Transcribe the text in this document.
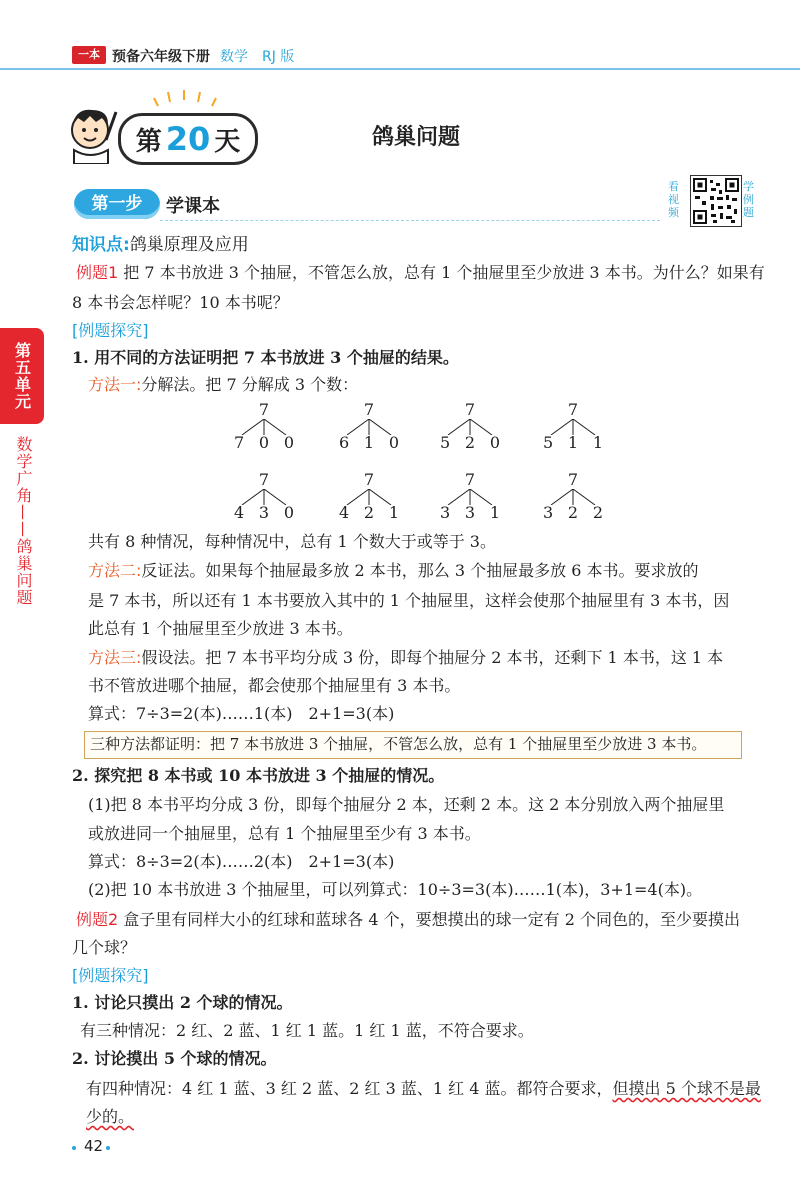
一本 预备六年级下册 数学 RJ 版
第 20 天	鸽巢问题
第一步	学课本
看视频
学例题
第五单元
数学广角——鸽巢问题
知识点:鸽巢原理及应用
例题1 把 7 本书放进 3 个抽屉，不管怎么放，总有 1 个抽屉里至少放进 3 本书。为什么？如果有
8 本书会怎样呢？10 本书呢？
[例题探究]
1. 用不同的方法证明把 7 本书放进 3 个抽屉的结果。
方法一:分解法。把 7 分解成 3 个数：
7
7 0 0
7
6 1 0
7
5 2 0
7
5 1 1
7
4 3 0
7
4 2 1
7
3 3 1
7
3 2 2
共有 8 种情况，每种情况中，总有 1 个数大于或等于 3。
方法二:反证法。如果每个抽屉最多放 2 本书，那么 3 个抽屉最多放 6 本书。要求放的
是 7 本书，所以还有 1 本书要放入其中的 1 个抽屉里，这样会使那个抽屉里有 3 本书，因
此总有 1 个抽屉里至少放进 3 本书。
方法三:假设法。把 7 本书平均分成 3 份，即每个抽屉分 2 本书，还剩下 1 本书，这 1 本
书不管放进哪个抽屉，都会使那个抽屉里有 3 本书。
算式：7÷3=2(本)……1(本)　2+1=3(本)
三种方法都证明：把 7 本书放进 3 个抽屉，不管怎么放，总有 1 个抽屉里至少放进 3 本书。
2. 探究把 8 本书或 10 本书放进 3 个抽屉的情况。
(1)把 8 本书平均分成 3 份，即每个抽屉分 2 本，还剩 2 本。这 2 本分别放入两个抽屉里
或放进同一个抽屉里，总有 1 个抽屉里至少有 3 本书。
算式：8÷3=2(本)……2(本)　2+1=3(本)
(2)把 10 本书放进 3 个抽屉里，可以列算式：10÷3=3(本)……1(本)，3+1=4(本)。
例题2 盒子里有同样大小的红球和蓝球各 4 个，要想摸出的球一定有 2 个同色的，至少要摸出
几个球？
[例题探究]
1. 讨论只摸出 2 个球的情况。
有三种情况：2 红、2 蓝、1 红 1 蓝。1 红 1 蓝，不符合要求。
2. 讨论摸出 5 个球的情况。
有四种情况：4 红 1 蓝、3 红 2 蓝、2 红 3 蓝、1 红 4 蓝。都符合要求，但摸出 5 个球不是最
少的。
42
